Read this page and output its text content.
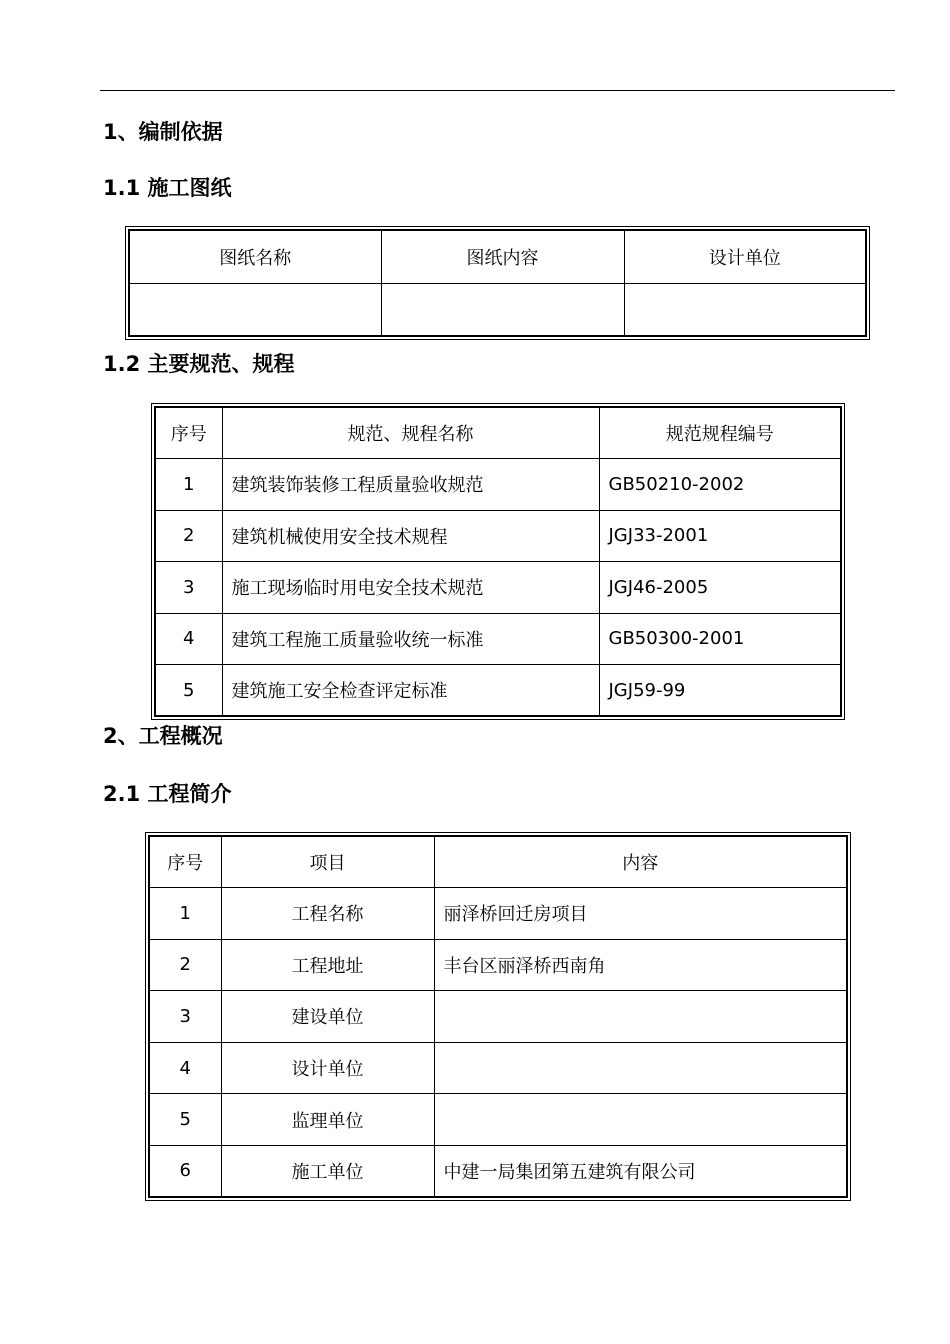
1、编制依据
1.1 施工图纸
图纸名称	图纸内容	设计单位

1.2 主要规范、规程
序号	规范、规程名称	规范规程编号
1	建筑装饰装修工程质量验收规范	GB50210-2002
2	建筑机械使用安全技术规程	JGJ33-2001
3	施工现场临时用电安全技术规范	JGJ46-2005
4	建筑工程施工质量验收统一标准	GB50300-2001
5	建筑施工安全检查评定标准	JGJ59-99
2、工程概况
2.1 工程简介
序号	项目	内容
1	工程名称	丽泽桥回迁房项目
2	工程地址	丰台区丽泽桥西南角
3	建设单位	
4	设计单位	
5	监理单位	
6	施工单位	中建一局集团第五建筑有限公司
